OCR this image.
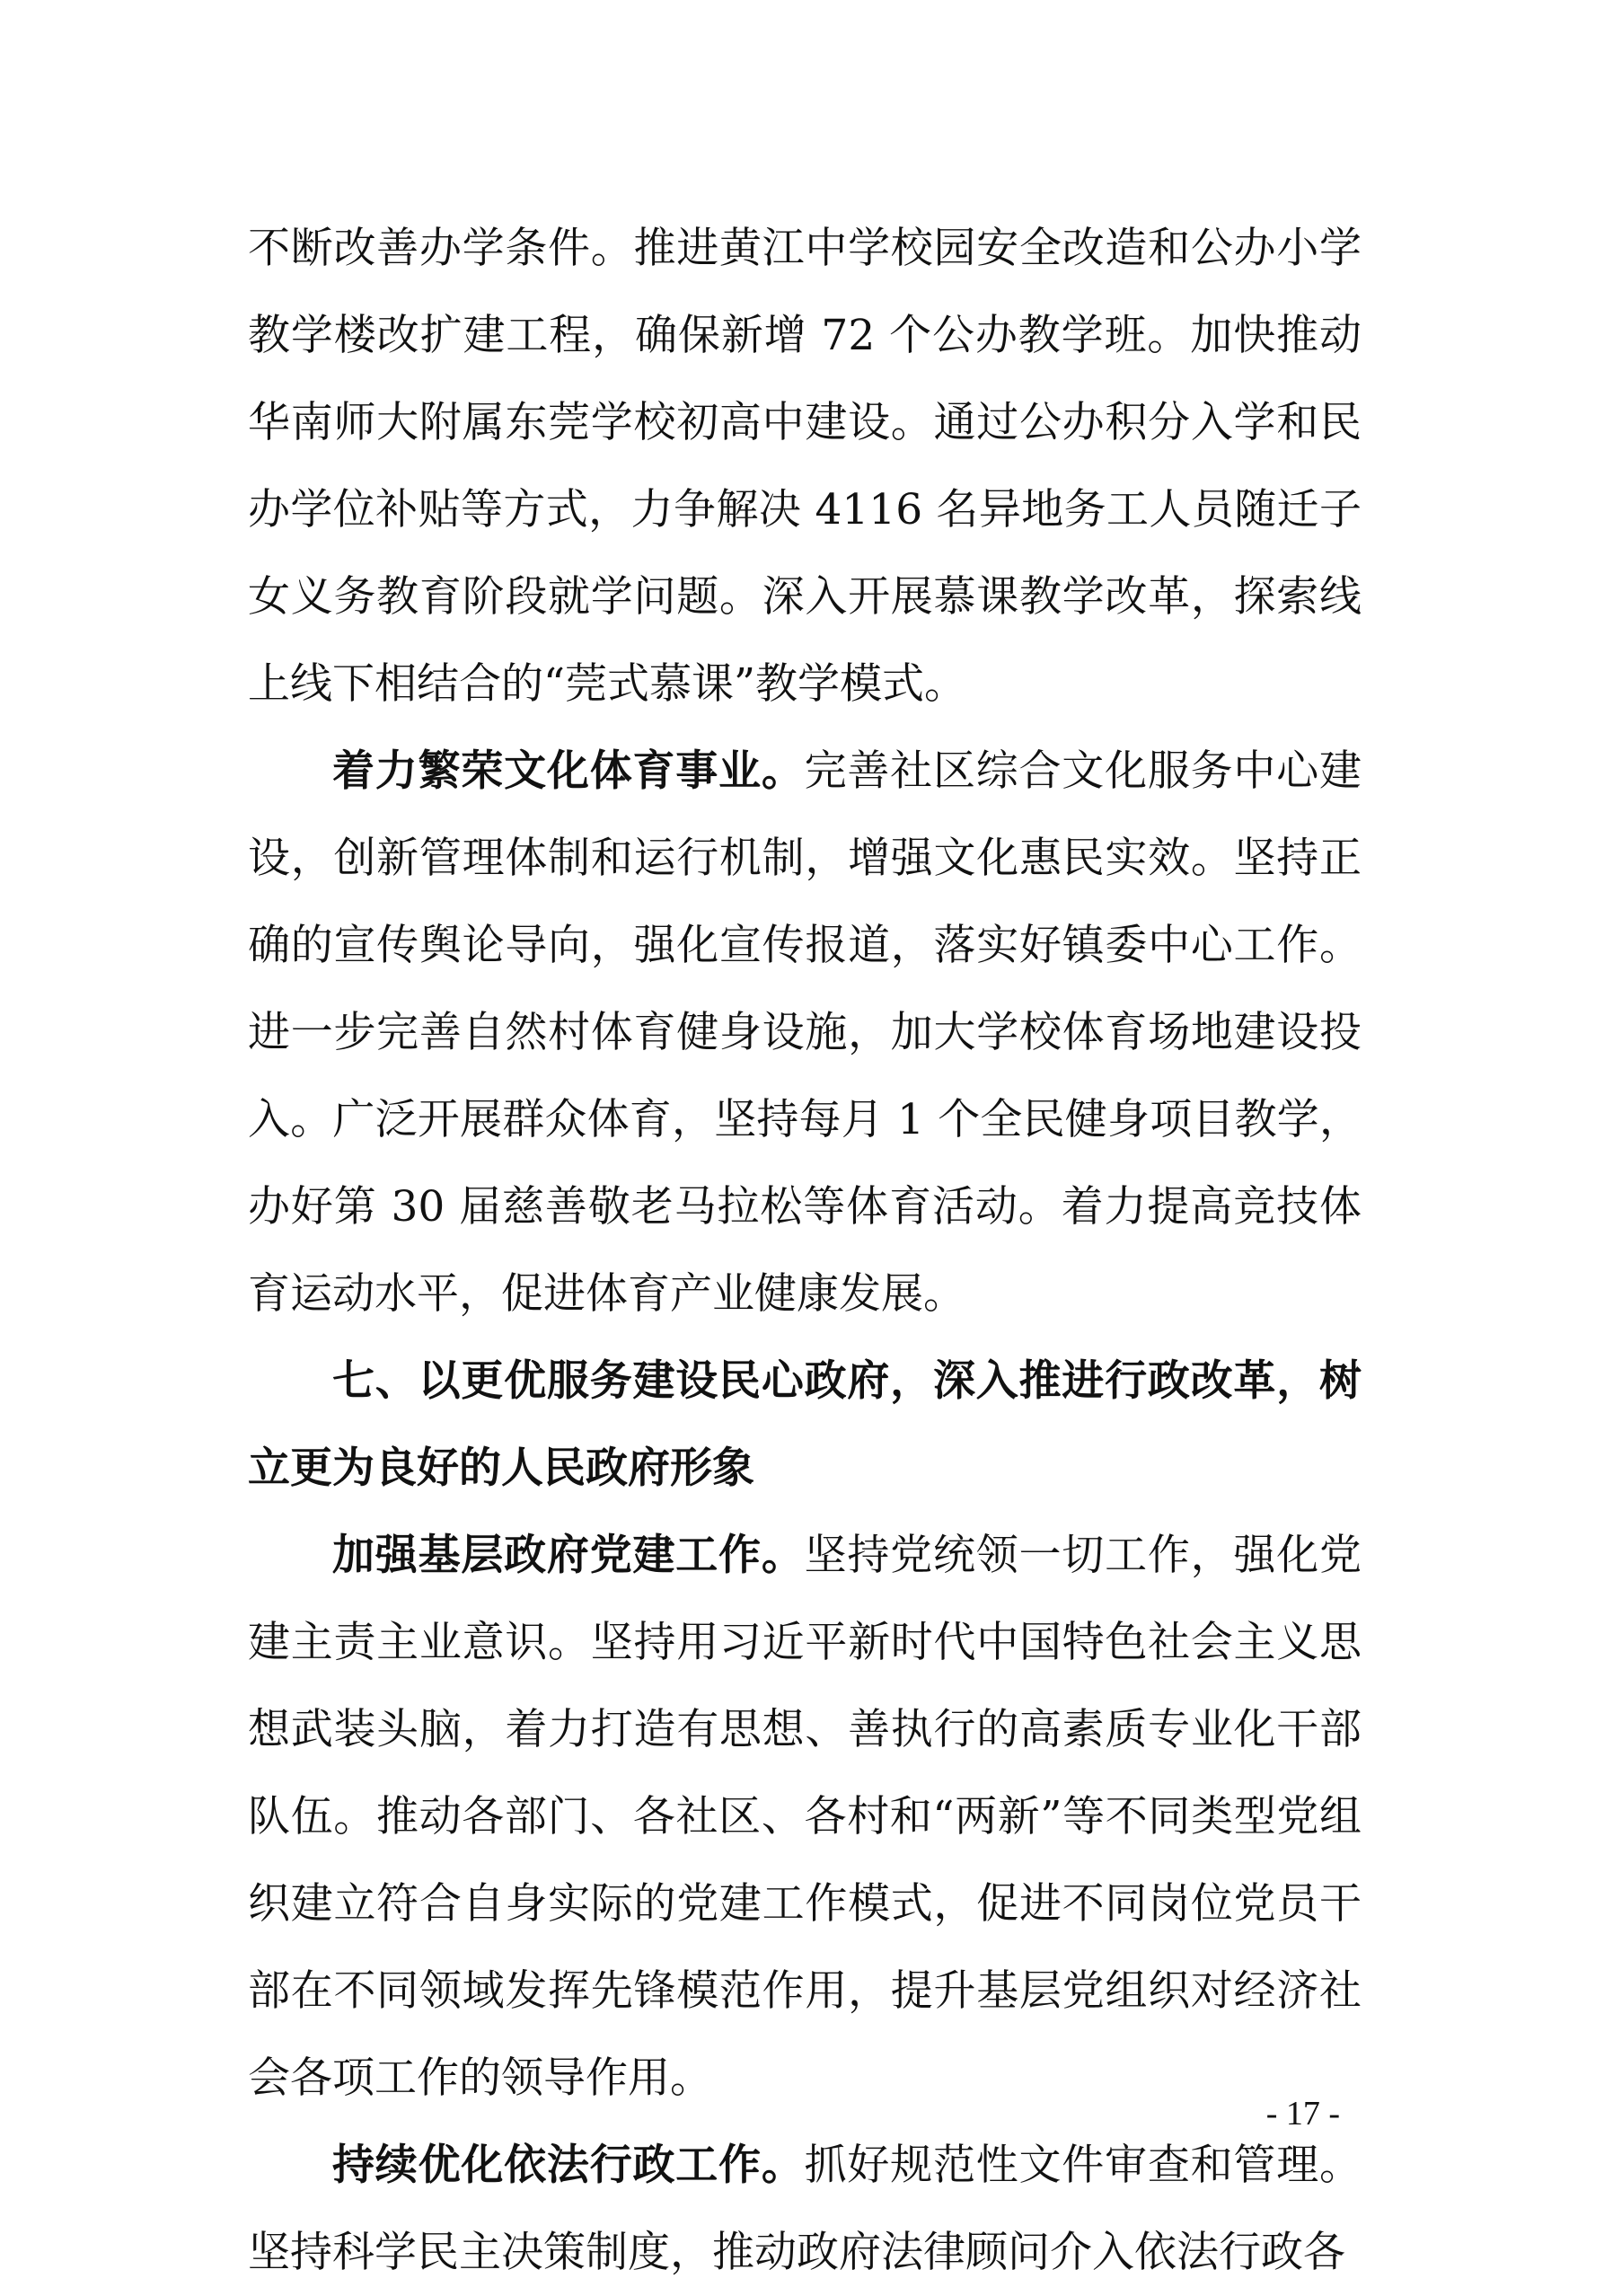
不断改善办学条件。推进黄江中学校园安全改造和公办小学教学楼改扩建工程，确保新增 72 个公办教学班。加快推动华南师大附属东莞学校初高中建设。通过公办积分入学和民办学位补贴等方式，力争解决 4116 名异地务工人员随迁子女义务教育阶段就学问题。深入开展慕课教学改革，探索线上线下相结合的“莞式慕课”教学模式。

着力繁荣文化体育事业。完善社区综合文化服务中心建设，创新管理体制和运行机制，增强文化惠民实效。坚持正确的宣传舆论导向，强化宣传报道，落实好镇委中心工作。进一步完善自然村体育健身设施，加大学校体育场地建设投入。广泛开展群众体育，坚持每月 1 个全民健身项目教学，办好第 30 届慈善敬老马拉松等体育活动。着力提高竞技体育运动水平，促进体育产业健康发展。

七、以更优服务建设民心政府，深入推进行政改革，树立更为良好的人民政府形象

加强基层政府党建工作。坚持党统领一切工作，强化党建主责主业意识。坚持用习近平新时代中国特色社会主义思想武装头脑，着力打造有思想、善执行的高素质专业化干部队伍。推动各部门、各社区、各村和“两新”等不同类型党组织建立符合自身实际的党建工作模式，促进不同岗位党员干部在不同领域发挥先锋模范作用，提升基层党组织对经济社会各项工作的领导作用。

持续优化依法行政工作。抓好规范性文件审查和管理。坚持科学民主决策制度，推动政府法律顾问介入依法行政各

- 17 -
